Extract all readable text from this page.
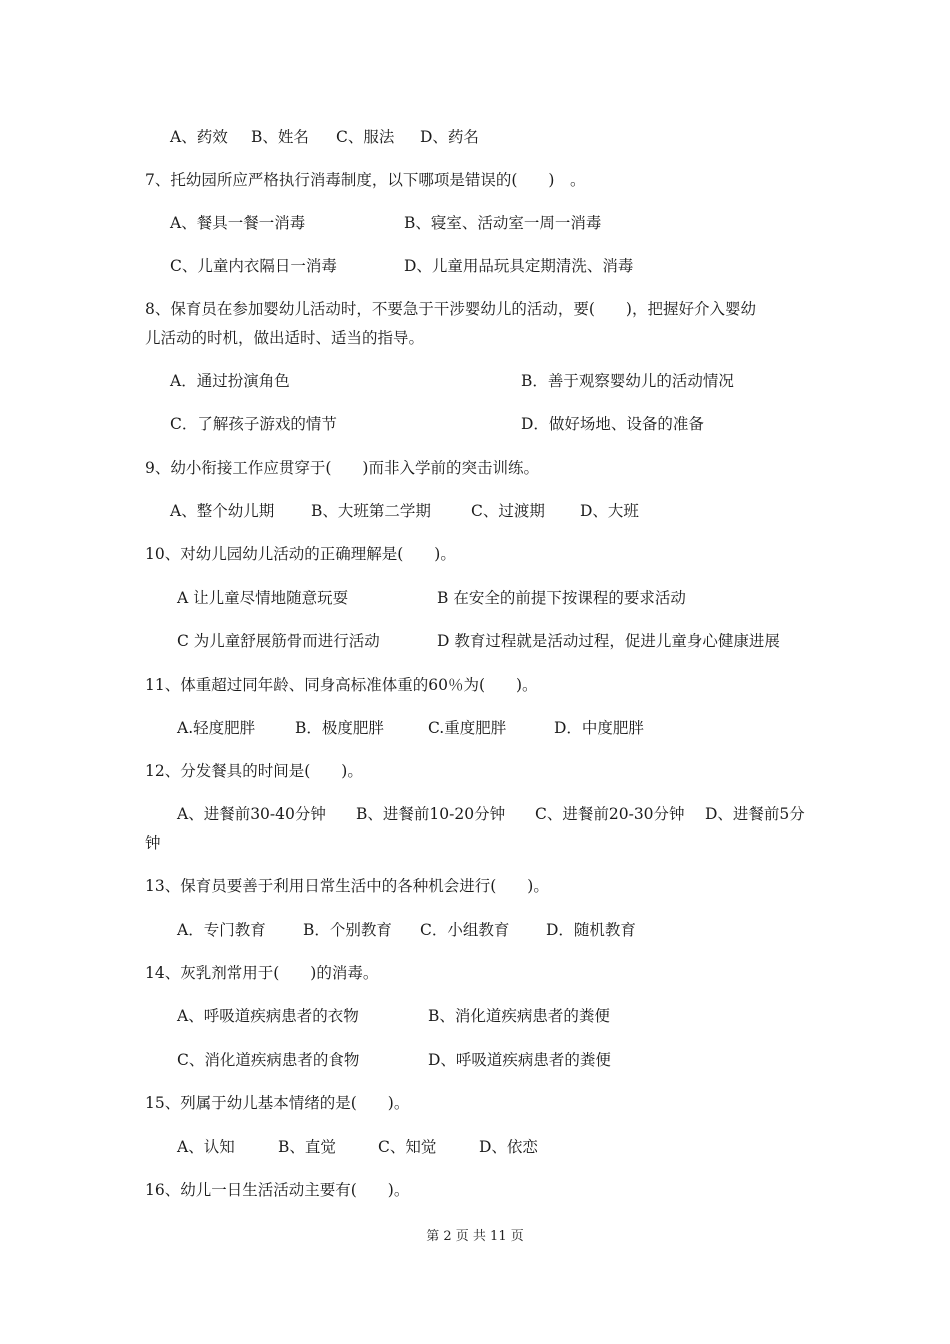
A、药效 B、姓名 C、服法 D、药名
7、托幼园所应严格执行消毒制度，以下哪项是错误的(　　)　。
A、餐具一餐一消毒	B、寝室、活动室一周一消毒
C、儿童内衣隔日一消毒	D、儿童用品玩具定期清洗、消毒
8、保育员在参加婴幼儿活动时，不要急于干涉婴幼儿的活动，要(　　)，把握好介入婴幼
儿活动的时机，做出适时、适当的指导。
A．通过扮演角色	B．善于观察婴幼儿的活动情况
C．了解孩子游戏的情节	D．做好场地、设备的准备
9、幼小衔接工作应贯穿于(　　)而非入学前的突击训练。
A、整个幼儿期 B、大班第二学期	C、过渡期 D、大班
10、对幼儿园幼儿活动的正确理解是(　　)。
A 让儿童尽情地随意玩耍	B 在安全的前提下按课程的要求活动
C 为儿童舒展筋骨而进行活动	D 教育过程就是活动过程，促进儿童身心健康进展
11、体重超过同年龄、同身高标准体重的60％为(　　)。
A.轻度肥胖	B．极度肥胖	C.重度肥胖	D．中度肥胖
12、分发餐具的时间是(　　)。
A、进餐前30-40分钟 B、进餐前10-20分钟 C、进餐前20-30分钟 D、进餐前5分
钟
13、保育员要善于利用日常生活中的各种机会进行(　　)。
A．专门教育 B．个别教育 C．小组教育 D．随机教育
14、灰乳剂常用于(　　)的消毒。
A、呼吸道疾病患者的衣物	B、消化道疾病患者的粪便
C、消化道疾病患者的食物	D、呼吸道疾病患者的粪便
15、列属于幼儿基本情绪的是(　　)。
A、认知	B、直觉	C、知觉	D、依恋
16、幼儿一日生活活动主要有(　　)。
第 2 页 共 11 页
